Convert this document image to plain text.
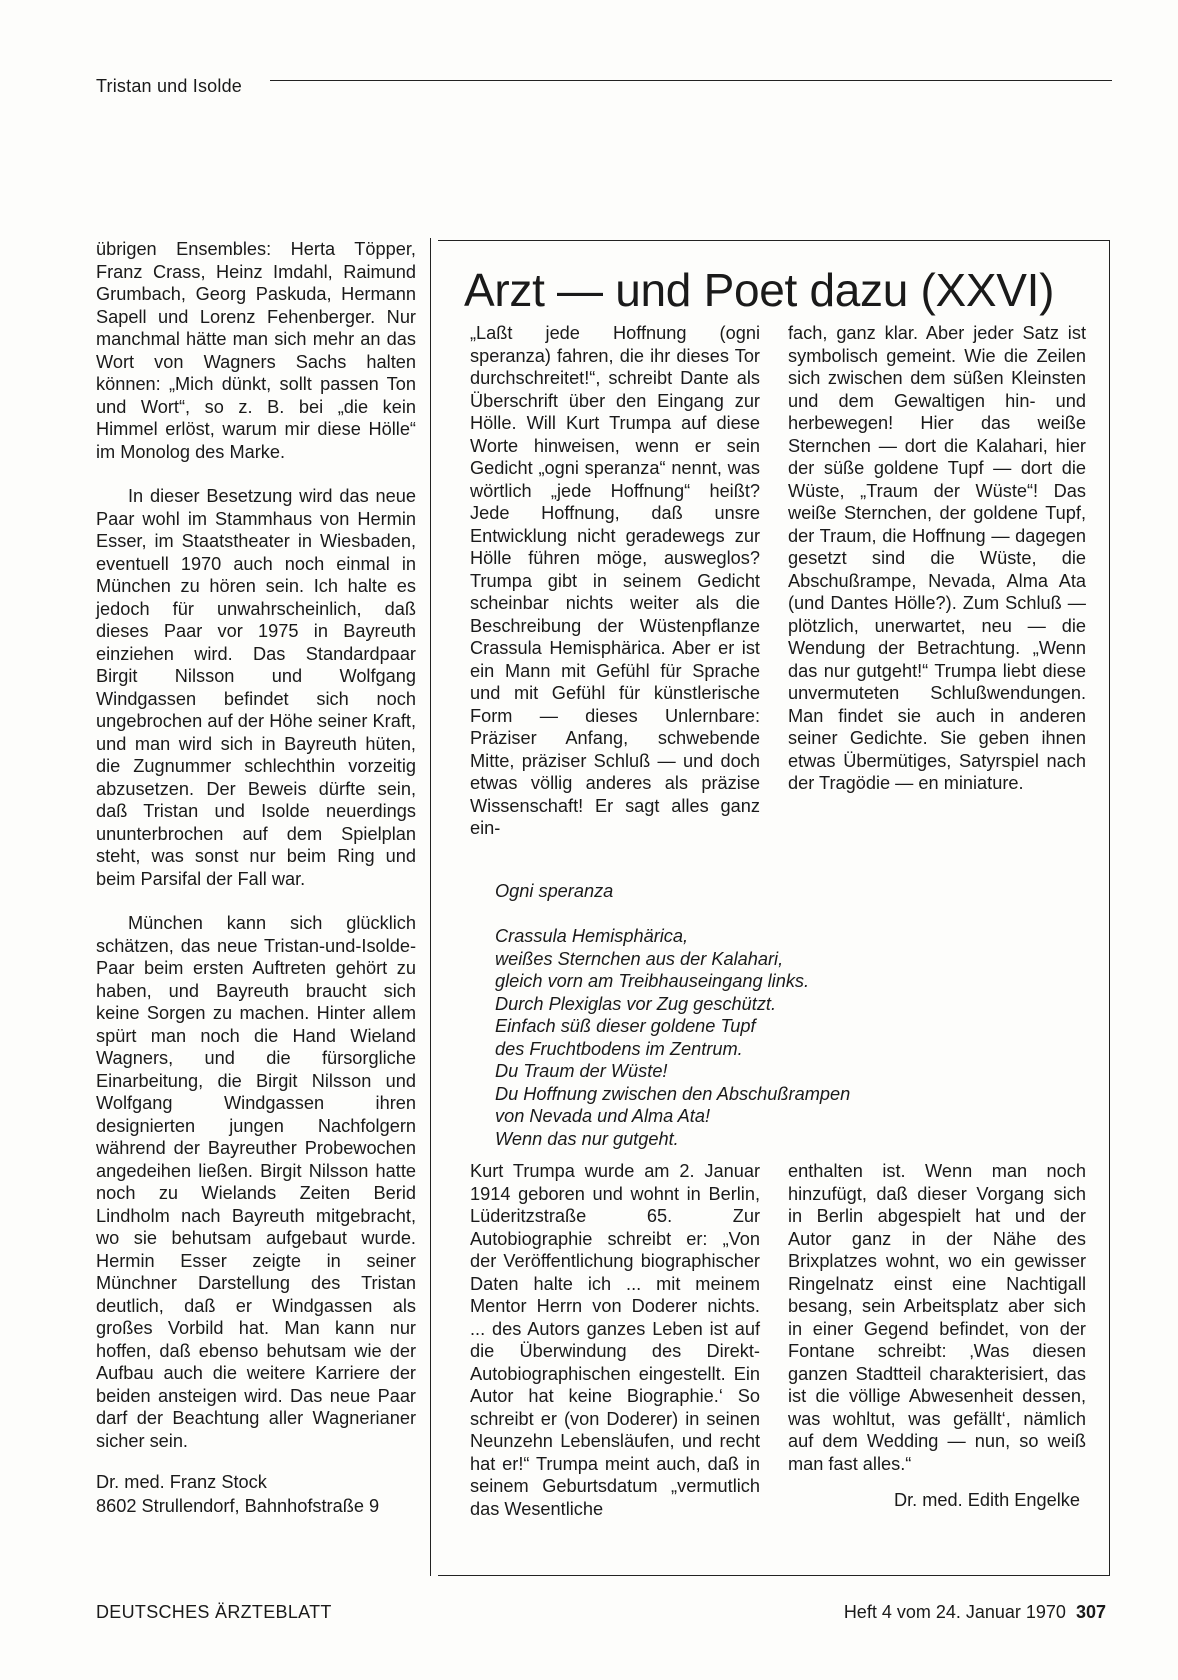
Tristan und Isolde

übrigen Ensembles: Herta Töpper, Franz Crass, Heinz Imdahl, Raimund Grumbach, Georg Paskuda, Hermann Sapell und Lorenz Fehenberger. Nur manchmal hätte man sich mehr an das Wort von Wagners Sachs halten können: „Mich dünkt, sollt passen Ton und Wort“, so z. B. bei „die kein Himmel erlöst, warum mir diese Hölle“ im Monolog des Marke.

In dieser Besetzung wird das neue Paar wohl im Stammhaus von Hermin Esser, im Staatstheater in Wiesbaden, eventuell 1970 auch noch einmal in München zu hören sein. Ich halte es jedoch für unwahrscheinlich, daß dieses Paar vor 1975 in Bayreuth einziehen wird. Das Standardpaar Birgit Nilsson und Wolfgang Windgassen befindet sich noch ungebrochen auf der Höhe seiner Kraft, und man wird sich in Bayreuth hüten, die Zugnummer schlechthin vorzeitig abzusetzen. Der Beweis dürfte sein, daß Tristan und Isolde neuerdings ununterbrochen auf dem Spielplan steht, was sonst nur beim Ring und beim Parsifal der Fall war.

München kann sich glücklich schätzen, das neue Tristan-und-Isolde-Paar beim ersten Auftreten gehört zu haben, und Bayreuth braucht sich keine Sorgen zu machen. Hinter allem spürt man noch die Hand Wieland Wagners, und die fürsorgliche Einarbeitung, die Birgit Nilsson und Wolfgang Windgassen ihren designierten jungen Nachfolgern während der Bayreuther Probewochen angedeihen ließen. Birgit Nilsson hatte noch zu Wielands Zeiten Berid Lindholm nach Bayreuth mitgebracht, wo sie behutsam aufgebaut wurde. Hermin Esser zeigte in seiner Münchner Darstellung des Tristan deutlich, daß er Windgassen als großes Vorbild hat. Man kann nur hoffen, daß ebenso behutsam wie der Aufbau auch die weitere Karriere der beiden ansteigen wird. Das neue Paar darf der Beachtung aller Wagnerianer sicher sein.

Dr. med. Franz Stock
8602 Strullendorf, Bahnhofstraße 9
Arzt — und Poet dazu (XXVI)

„Laßt jede Hoffnung (ogni speranza) fahren, die ihr dieses Tor durchschreitet!“, schreibt Dante als Überschrift über den Eingang zur Hölle. Will Kurt Trumpa auf diese Worte hinweisen, wenn er sein Gedicht „ogni speranza“ nennt, was wörtlich „jede Hoffnung“ heißt? Jede Hoffnung, daß unsre Entwicklung nicht geradewegs zur Hölle führen möge, ausweglos? Trumpa gibt in seinem Gedicht scheinbar nichts weiter als die Beschreibung der Wüstenpflanze Crassula Hemisphärica. Aber er ist ein Mann mit Gefühl für Sprache und mit Gefühl für künstlerische Form — dieses Unlernbare: Präziser Anfang, schwebende Mitte, präziser Schluß — und doch etwas völlig anderes als präzise Wissenschaft! Er sagt alles ganz ein-

fach, ganz klar. Aber jeder Satz ist symbolisch gemeint. Wie die Zeilen sich zwischen dem süßen Kleinsten und dem Gewaltigen hin- und herbewegen! Hier das weiße Sternchen — dort die Kalahari, hier der süße goldene Tupf — dort die Wüste, „Traum der Wüste“! Das weiße Sternchen, der goldene Tupf, der Traum, die Hoffnung — dagegen gesetzt sind die Wüste, die Abschußrampe, Nevada, Alma Ata (und Dantes Hölle?). Zum Schluß — plötzlich, unerwartet, neu — die Wendung der Betrachtung. „Wenn das nur gutgeht!“ Trumpa liebt diese unvermuteten Schlußwendungen. Man findet sie auch in anderen seiner Gedichte. Sie geben ihnen etwas Übermütiges, Satyrspiel nach der Tragödie — en miniature.

Ogni speranza
Crassula Hemisphärica,
weißes Sternchen aus der Kalahari,
gleich vorn am Treibhauseingang links.
Durch Plexiglas vor Zug geschützt.
Einfach süß dieser goldene Tupf
des Fruchtbodens im Zentrum.
Du Traum der Wüste!
Du Hoffnung zwischen den Abschußrampen
von Nevada und Alma Ata!
Wenn das nur gutgeht.

Kurt Trumpa wurde am 2. Januar 1914 geboren und wohnt in Berlin, Lüderitzstraße 65. Zur Autobiographie schreibt er: „Von der Veröffentlichung biographischer Daten halte ich ... mit meinem Mentor Herrn von Doderer nichts. ... des Autors ganzes Leben ist auf die Überwindung des Direkt-Autobiographischen eingestellt. Ein Autor hat keine Biographie.‘ So schreibt er (von Doderer) in seinen Neunzehn Lebensläufen, und recht hat er!“ Trumpa meint auch, daß in seinem Geburtsdatum „vermutlich das Wesentliche

enthalten ist. Wenn man noch hinzufügt, daß dieser Vorgang sich in Berlin abgespielt hat und der Autor ganz in der Nähe des Brixplatzes wohnt, wo ein gewisser Ringelnatz einst eine Nachtigall besang, sein Arbeitsplatz aber sich in einer Gegend befindet, von der Fontane schreibt: ‚Was diesen ganzen Stadtteil charakterisiert, das ist die völlige Abwesenheit dessen, was wohltut, was gefällt‘, nämlich auf dem Wedding — nun, so weiß man fast alles.“

Dr. med. Edith Engelke
DEUTSCHES ÄRZTEBLATT	Heft 4 vom 24. Januar 1970 307
